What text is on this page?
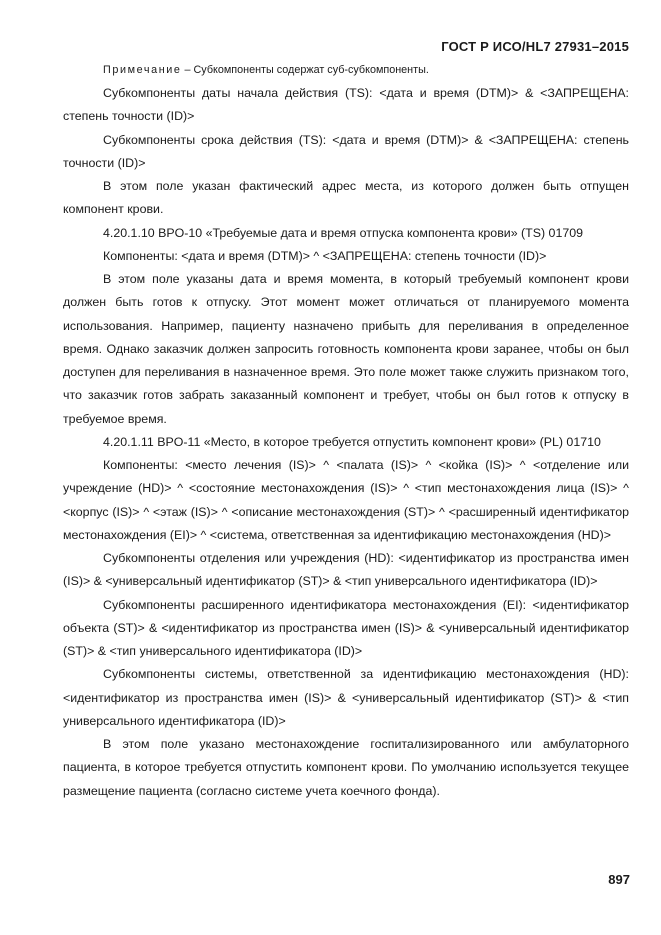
ГОСТ Р ИСО/HL7 27931–2015

Примечание – Субкомпоненты содержат суб-субкомпоненты.

Субкомпоненты даты начала действия (TS): <дата и время (DTM)> & <ЗАПРЕЩЕНА: степень точности (ID)>

Субкомпоненты срока действия (TS): <дата и время (DTM)> & <ЗАПРЕЩЕНА: степень точности (ID)>

В этом поле указан фактический адрес места, из которого должен быть отпущен компонент крови.

4.20.1.10 BPO-10 «Требуемые дата и время отпуска компонента крови» (TS) 01709

Компоненты: <дата и время (DTM)> ^ <ЗАПРЕЩЕНА: степень точности (ID)>

В этом поле указаны дата и время момента, в который требуемый компонент крови должен быть готов к отпуску. Этот момент может отличаться от планируемого момента использования. Например, пациенту назначено прибыть для переливания в определенное время. Однако заказчик должен запросить готовность компонента крови заранее, чтобы он был доступен для переливания в назначенное время. Это поле может также служить признаком того, что заказчик готов забрать заказанный компонент и требует, чтобы он был готов к отпуску в требуемое время.

4.20.1.11 BPO-11 «Место, в которое требуется отпустить компонент крови» (PL) 01710

Компоненты: <место лечения (IS)> ^ <палата (IS)> ^ <койка (IS)> ^ <отделение или учреждение (HD)> ^ <состояние местонахождения (IS)> ^ <тип местонахождения лица (IS)> ^ <корпус (IS)> ^ <этаж (IS)> ^ <описание местонахождения (ST)> ^ <расширенный идентификатор местонахождения (EI)> ^ <система, ответственная за идентификацию местонахождения (HD)>

Субкомпоненты отделения или учреждения (HD): <идентификатор из пространства имен (IS)> & <универсальный идентификатор (ST)> & <тип универсального идентификатора (ID)>

Субкомпоненты расширенного идентификатора местонахождения (EI): <идентификатор объекта (ST)> & <идентификатор из пространства имен (IS)> & <универсальный идентификатор (ST)> & <тип универсального идентификатора (ID)>

Субкомпоненты системы, ответственной за идентификацию местонахождения (HD): <идентификатор из пространства имен (IS)> & <универсальный идентификатор (ST)> & <тип универсального идентификатора (ID)>

В этом поле указано местонахождение госпитализированного или амбулаторного пациента, в которое требуется отпустить компонент крови. По умолчанию используется текущее размещение пациента (согласно системе учета коечного фонда).

897
